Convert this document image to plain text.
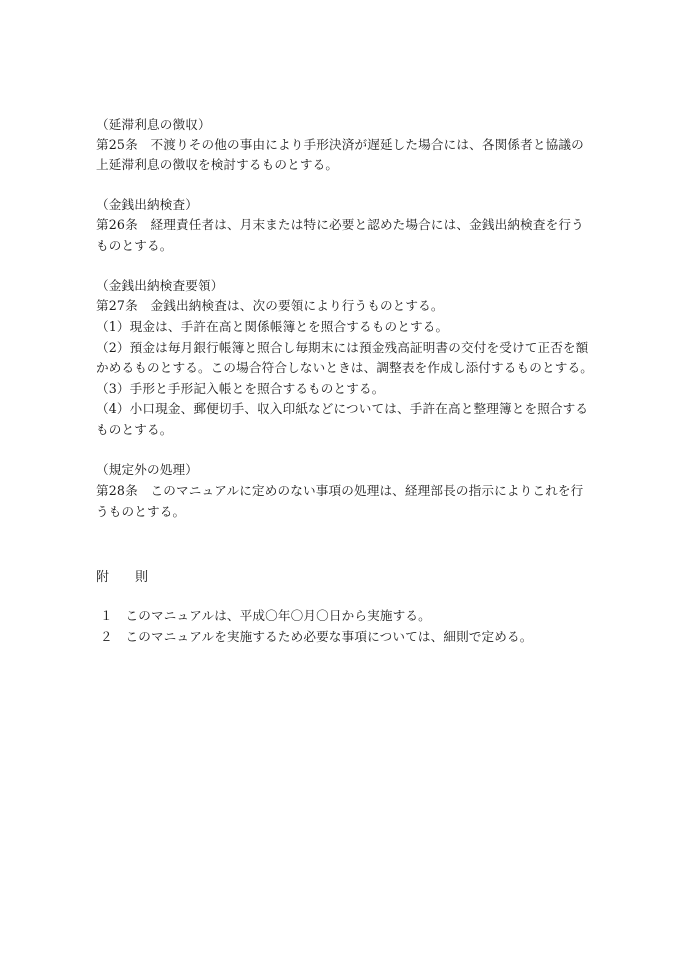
（延滞利息の徴収）
第25条　不渡りその他の事由により手形決済が遅延した場合には、各関係者と協議の
上延滞利息の徴収を検討するものとする。
（金銭出納検査）
第26条　経理責任者は、月末または特に必要と認めた場合には、金銭出納検査を行う
ものとする。
（金銭出納検査要領）
第27条　金銭出納検査は、次の要領により行うものとする。
（1）現金は、手許在高と関係帳簿とを照合するものとする。
（2）預金は毎月銀行帳簿と照合し毎期末には預金残高証明書の交付を受けて正否を額
かめるものとする。この場合符合しないときは、調整表を作成し添付するものとする。
（3）手形と手形記入帳とを照合するものとする。
（4）小口現金、郵便切手、収入印紙などについては、手許在高と整理簿とを照合する
ものとする。
（規定外の処理）
第28条　このマニュアルに定めのない事項の処理は、経理部長の指示によりこれを行
うものとする。
附 則
１　このマニュアルは、平成〇年〇月〇日から実施する。
２　このマニュアルを実施するため必要な事項については、細則で定める。
